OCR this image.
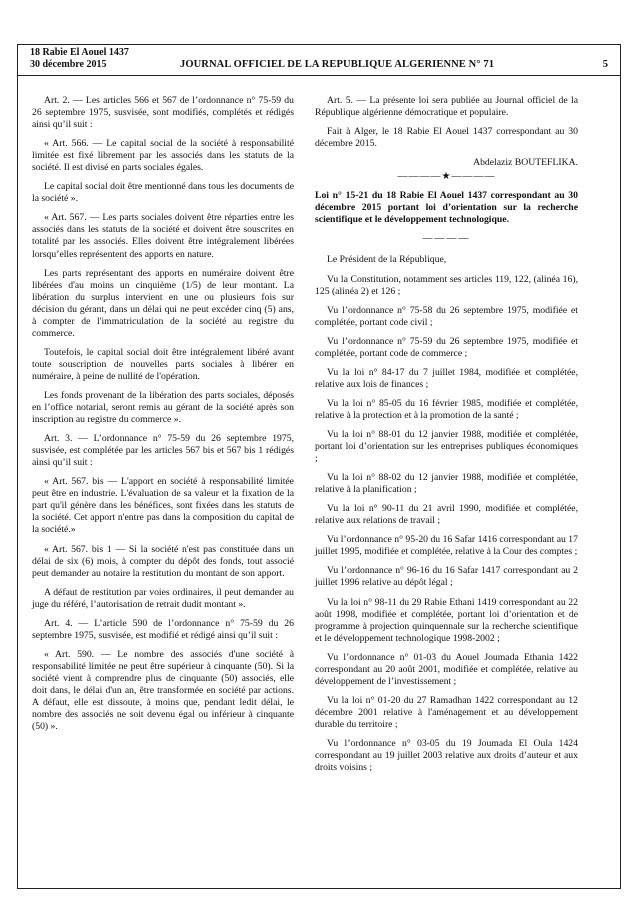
18 Rabie El Aouel 1437
30 décembre 2015	JOURNAL OFFICIEL DE LA REPUBLIQUE ALGERIENNE N° 71	5

Art. 2. — Les articles 566 et 567 de l’ordonnance n° 75-59 du 26 septembre 1975, susvisée, sont modifiés, complétés et rédigés ainsi qu’il suit :

« Art. 566. — Le capital social de la société à responsabilité limitée est fixé librement par les associés dans les statuts de la société. Il est divisé en parts sociales égales.

Le capital social doit être mentionné dans tous les documents de la société ».

« Art. 567. — Les parts sociales doivent être réparties entre les associés dans les statuts de la société et doivent être souscrites en totalité par les associés. Elles doivent être intégralement libérées lorsqu’elles représentent des apports en nature.

Les parts représentant des apports en numéraire doivent être libérées d'au moins un cinquième (1/5) de leur montant. La libération du surplus intervient en une ou plusieurs fois sur décision du gérant, dans un délai qui ne peut excéder cinq (5) ans, à compter de l'immatriculation de la société au registre du commerce.

Toutefois, le capital social doit être intégralement libéré avant toute souscription de nouvelles parts sociales à libérer en numéraire, à peine de nullité de l'opération.

Les fonds provenant de la libération des parts sociales, déposés en l’office notarial, seront remis au gérant de la société après son inscription au registre du commerce ».

Art. 3. — L’ordonnance n° 75-59 du 26 septembre 1975, susvisée, est complétée par les articles 567 bis et 567 bis 1 rédigés ainsi qu’il suit :

« Art. 567. bis — L'apport en société à responsabilité limitée peut être en industrie. L'évaluation de sa valeur et la fixation de la part qu'il génère dans les bénéfices, sont fixées dans les statuts de la société. Cet apport n'entre pas dans la composition du capital de la société.»

« Art. 567. bis 1 — Si la société n'est pas constituée dans un délai de six (6) mois, à compter du dépôt des fonds, tout associé peut demander au notaire la restitution du montant de son apport.

A défaut de restitution par voies ordinaires, il peut demander au juge du référé, l’autorisation de retrait dudit montant ».

Art. 4. — L’article 590 de l’ordonnance n° 75-59 du 26 septembre 1975, susvisée, est modifié et rédigé ainsi qu’il suit :

« Art. 590. — Le nombre des associés d'une société à responsabilité limitée ne peut être supérieur à cinquante (50). Si la société vient à comprendre plus de cinquante (50) associés, elle doit dans, le délai d'un an, être transformée en société par actions. A défaut, elle est dissoute, à moins que, pendant ledit délai, le nombre des associés ne soit devenu égal ou inférieur à cinquante (50) ».

Art. 5. — La présente loi sera publiée au Journal officiel de la République algérienne démocratique et populaire.

Fait à Alger, le 18 Rabie El Aouel 1437 correspondant au 30 décembre 2015.

Abdelaziz BOUTEFLIKA.

————★————

Loi n° 15-21 du 18 Rabie El Aouel 1437 correspondant au 30 décembre 2015 portant loi d’orientation sur la recherche scientifique et le développement technologique.

————

Le Président de la République,

Vu la Constitution, notamment ses articles 119, 122, (alinéa 16), 125 (alinéa 2) et 126 ;

Vu l’ordonnance n° 75-58 du 26 septembre 1975, modifiée et complétée, portant code civil ;

Vu l’ordonnance n° 75-59 du 26 septembre 1975, modifiée et complétée, portant code de commerce ;

Vu la loi n° 84-17 du 7 juillet 1984, modifiée et complétée, relative aux lois de finances ;

Vu la loi n° 85-05 du 16 février 1985, modifiée et complétée, relative à la protection et à la promotion de la santé ;

Vu la loi n° 88-01 du 12 janvier 1988, modifiée et complétée, portant loi d’orientation sur les entreprises publiques économiques ;

Vu la loi n° 88-02 du 12 janvier 1988, modifiée et complétée, relative à la planification ;

Vu la loi n° 90-11 du 21 avril 1990, modifiée et complétée, relative aux relations de travail ;

Vu l’ordonnance n° 95-20 du 16 Safar 1416 correspondant au 17 juillet 1995, modifiée et complétée, relative à la Cour des comptes ;

Vu l’ordonnance n° 96-16 du 16 Safar 1417 correspondant au 2 juillet 1996 relative au dépôt légal ;

Vu la loi n° 98-11 du 29 Rabie Ethani 1419 correspondant au 22 août 1998, modifiée et complétée, portant loi d’orientation et de programme à projection quinquennale sur la recherche scientifique et le développement technologique 1998-2002 ;

Vu l’ordonnance n° 01-03 du Aouel Joumada Ethania 1422 correspondant au 20 août 2001, modifiée et complétée, relative au développement de l’investissement ;

Vu la loi n° 01-20 du 27 Ramadhan 1422 correspondant au 12 décembre 2001 relative à l'aménagement et au développement durable du territoire ;

Vu l’ordonnance n° 03-05 du 19 Joumada El Oula 1424 correspondant au 19 juillet 2003 relative aux droits d’auteur et aux droits voisins ;
